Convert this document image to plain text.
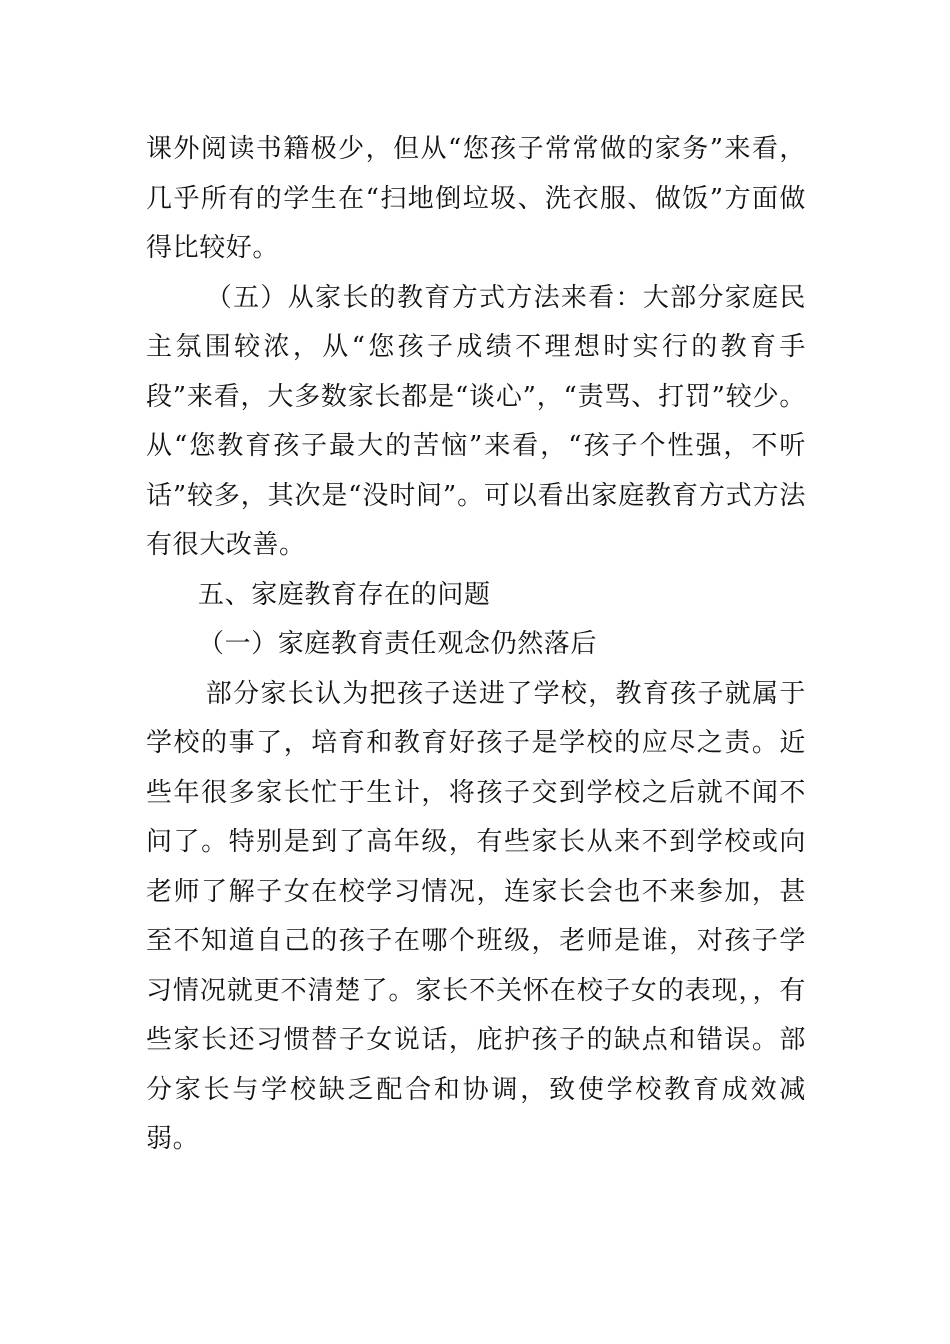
课外阅读书籍极少，但从“您孩子常常做的家务”来看，几乎所有的学生在“扫地倒垃圾、洗衣服、做饭”方面做得比较好。

（五）从家长的教育方式方法来看：大部分家庭民主氛围较浓，从“您孩子成绩不理想时实行的教育手段”来看，大多数家长都是“谈心”，“责骂、打罚”较少。从“您教育孩子最大的苦恼”来看，“孩子个性强，不听话”较多，其次是“没时间”。可以看出家庭教育方式方法有很大改善。

五、家庭教育存在的问题

（一）家庭教育责任观念仍然落后

部分家长认为把孩子送进了学校，教育孩子就属于学校的事了，培育和教育好孩子是学校的应尽之责。近些年很多家长忙于生计，将孩子交到学校之后就不闻不问了。特别是到了高年级，有些家长从来不到学校或向老师了解子女在校学习情况，连家长会也不来参加，甚至不知道自己的孩子在哪个班级，老师是谁，对孩子学习情况就更不清楚了。家长不关怀在校子女的表现，，有些家长还习惯替子女说话，庇护孩子的缺点和错误。部分家长与学校缺乏配合和协调，致使学校教育成效减弱。
